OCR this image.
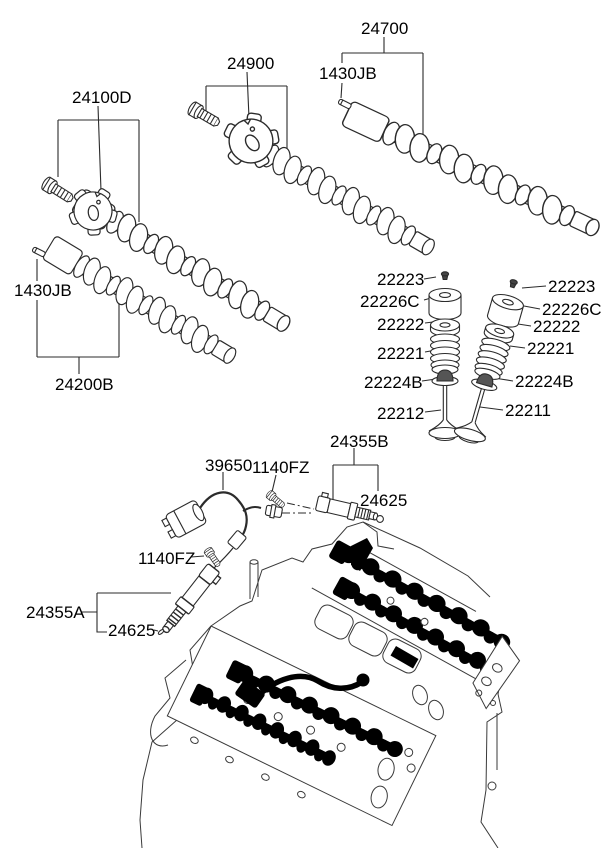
24700
24900
1430JB
24100D
1430JB
24200B
22223
22226C
22222
22221
22224B
22212
22223
22226C
22222
22221
22224B
22211
24355B
39650 1140FZ
24625
1140FZ
24355A
24625
